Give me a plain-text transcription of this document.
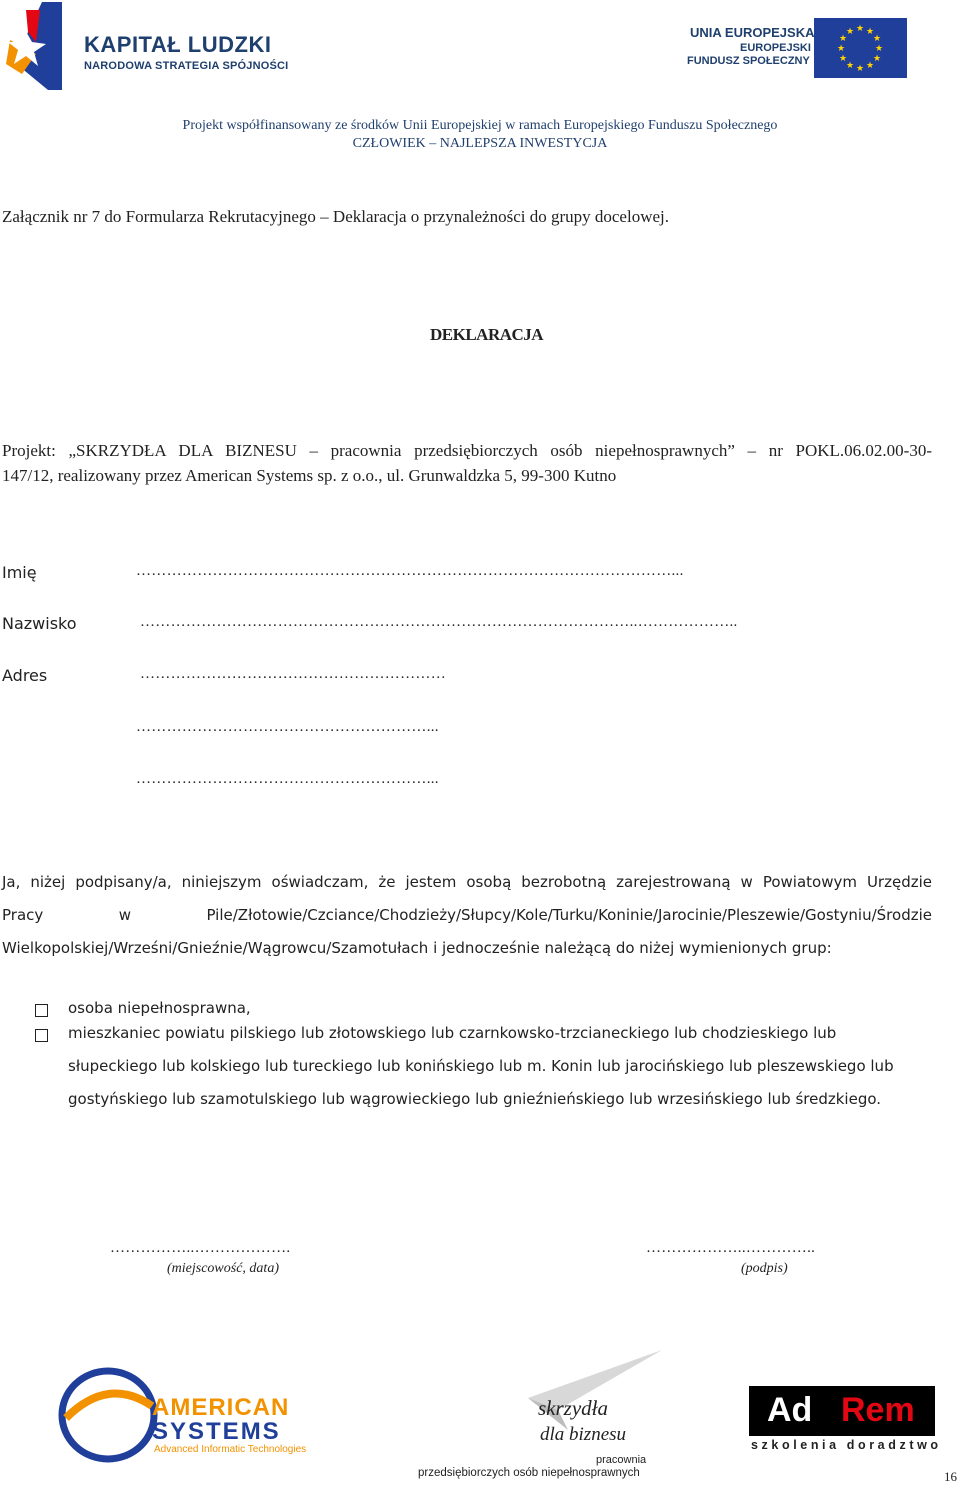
KAPITAŁ LUDZKI
NARODOWA STRATEGIA SPÓJNOŚCI
UNIA EUROPEJSKA
EUROPEJSKI
FUNDUSZ SPOŁECZNY
★ ★
★
★
★
★
★
★
★
★
★
★
Projekt współfinansowany ze środków Unii Europejskiej w ramach Europejskiego Funduszu Społecznego
CZŁOWIEK – NAJLEPSZA INWESTYCJA
Załącznik nr 7 do Formularza Rekrutacyjnego – Deklaracja o przynależności do grupy docelowej.
DEKLARACJA
Projekt: „SKRZYDŁA DLA BIZNESU – pracownia przedsiębiorczych osób niepełnosprawnych” – nr POKL.06.02.00-30-
147/12, realizowany przez American Systems sp. z o.o., ul. Grunwaldzka 5, 99-300 Kutno
Imię	……………………………………………………………………………………………...
Nazwisko	……………………………………………………………………………………..………………..
Adres	……………………………………………………
…………………………………………………...
…………………………………………………...
Ja, niżej podpisany/a, niniejszym oświadczam, że jestem osobą bezrobotną zarejestrowaną w Powiatowym Urzędzie
Pracy w Pile/Złotowie/Czciance/Chodzieży/Słupcy/Kole/Turku/Koninie/Jarocinie/Pleszewie/Gostyniu/Środzie
Wielkopolskiej/Wrześni/Gnieźnie/Wągrowcu/Szamotułach i jednocześnie należącą do niżej wymienionych grup:
osoba niepełnosprawna,
mieszkaniec powiatu pilskiego lub złotowskiego lub czarnkowsko-trzcianeckiego lub chodzieskiego lub
słupeckiego lub kolskiego lub tureckiego lub konińskiego lub m. Konin lub jarocińskiego lub pleszewskiego lub
gostyńskiego lub szamotulskiego lub wągrowieckiego lub gnieźnieńskiego lub wrzesińskiego lub średzkiego.
……………..……………….
(miejscowość, data)
………………..…………..
(podpis)
AMERICAN
SYSTEMS
Advanced Informatic Technologies
skrzydła
dla biznesu
pracownia
przedsiębiorczych osób niepełnosprawnych
Ad Rem
szkolenia doradztwo
16
